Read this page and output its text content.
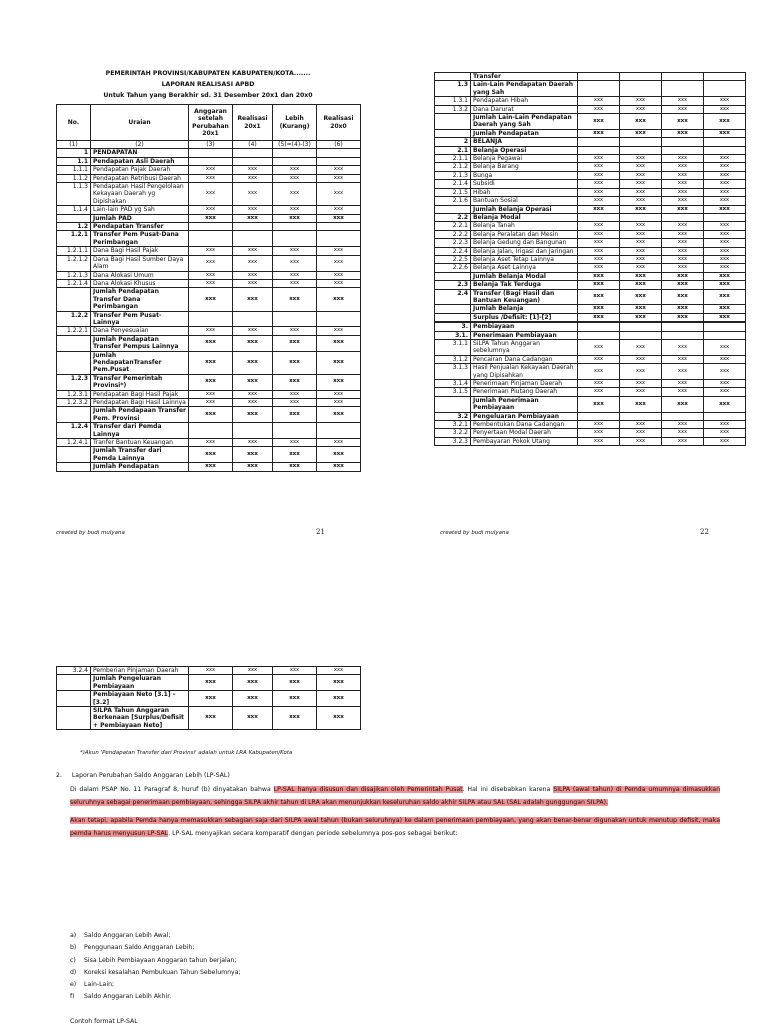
PEMERINTAH PROVINSI/KABUPATEN KABUPATEN/KOTA.......
LAPORAN REALISASI APBD
Untuk Tahun yang Berakhir sd. 31 Desember 20x1 dan 20x0
No.	Uraian	Anggaran setelah Perubahan 20x1	Realisasi 20x1	Lebih (Kurang)	Realisasi 20x0
(1)	(2)	(3)	(4)	(5)=(4)-(3)	(6)
1	PENDAPATAN				
1.1	Pendapatan Asli Daerah				
1.1.1	Pendapatan Pajak Daerah	xxx	xxx	xxx	xxx
1.1.2	Pendapatan Retribusi Daerah	xxx	xxx	xxx	xxx
1.1.3	Pendapatan Hasil Pengelolaan Kekayaan Daerah yg Dipishakan	xxx	xxx	xxx	xxx
1.1.4	Lain-lain PAD yg Sah	xxx	xxx	xxx	xxx
	Jumlah PAD	xxx	xxx	xxx	xxx
1.2	Pendapatan Transfer				
1.2.1	Transfer Pem Pusat-Dana Perimbangan				
1.2.1.1	Dana Bagi Hasil Pajak	xxx	xxx	xxx	xxx
1.2.1.2	Dana Bagi Hasil Sumber Daya Alam	xxx	xxx	xxx	xxx
1.2.1.3	Dana Alokasi Umum	xxx	xxx	xxx	xxx
1.2.1.4	Dana Alokasi Khusus	xxx	xxx	xxx	xxx
	Jumlah Pendapatan Transfer Dana Perimbangan	xxx	xxx	xxx	xxx
1.2.2	Transfer Pem Pusat-Lainnya				
1.2.2.1	Dana Penyesuaian	xxx	xxx	xxx	xxx
	Jumlah Pendapatan Transfer Pempus Lainnya	xxx	xxx	xxx	xxx
	Jumlah PendapatanTransfer Pem.Pusat	xxx	xxx	xxx	xxx
1.2.3	Transfer Pemerintah Provinsi*)	xxx	xxx	xxx	xxx
1.2.3.1	Pendapatan Bagi Hasil Pajak	xxx	xxx	xxx	xxx
1.2.3.2	Pendapatan Bagi Hasil Lainnya	xxx	xxx	xxx	xxx
	Jumlah Pendapaan Transfer Pem. Provinsi	xxx	xxx	xxx	xxx
1.2.4	Transfer dari Pemda Lainnya				
1.2.4.1	Tranfer Bantuan Keuangan	xxx	xxx	xxx	xxx
	Jumlah Transfer dari Pemda Lainnya	xxx	xxx	xxx	xxx
	Jumlah Pendapatan	xxx	xxx	xxx	xxx
created by budi mulyana	21
	Transfer				
1.3	Lain-Lain Pendapatan Daerah yang Sah				
1.3.1	Pendapatan Hibah	xxx	xxx	xxx	xxx
1.3.2	Dana Darurat	xxx	xxx	xxx	xxx
	Jumlah Lain-Lain Pendapatan Daerah yang Sah	xxx	xxx	xxx	xxx
	Jumlah Pendapatan	xxx	xxx	xxx	xxx
2	BELANJA				
2.1	Belanja Operasi				
2.1.1	Belanja Pegawai	xxx	xxx	xxx	xxx
2.1.2	Belanja Barang	xxx	xxx	xxx	xxx
2.1.3	Bunga	xxx	xxx	xxx	xxx
2.1.4	Subsidi	xxx	xxx	xxx	xxx
2.1.5	Hibah	xxx	xxx	xxx	xxx
2.1.6	Bantuan Sosial	xxx	xxx	xxx	xxx
	Jumlah Belanja Operasi	xxx	xxx	xxx	xxx
2.2	Belanja Modal				
2.2.1	Belanja Tanah	xxx	xxx	xxx	xxx
2.2.2	Belanja Peralatan dan Mesin	xxx	xxx	xxx	xxx
2.2.3	Belanja Gedung dan Bangunan	xxx	xxx	xxx	xxx
2.2.4	Belanja Jalan, Irigasi dan Jaringan	xxx	xxx	xxx	xxx
2.2.5	Belanja Aset Tetap Lainnya	xxx	xxx	xxx	xxx
2.2.6	Belanja Aset Lainnya	xxx	xxx	xxx	xxx
	Jumlah Belanja Modal	xxx	xxx	xxx	xxx
2.3	Belanja Tak Terduga	xxx	xxx	xxx	xxx
2.4	Transfer (Bagi Hasil dan Bantuan Keuangan)	xxx	xxx	xxx	xxx
	Jumlah Belanja	xxx	xxx	xxx	xxx
	Surplus /Defisit: [1]-[2]	xxx	xxx	xxx	xxx

3.	Pembiayaan				
3.1.	Penerimaan Pembiayaan				
3.1.1	SiLPA Tahun Anggaran sebelumnya	xxx	xxx	xxx	xxx
3.1.2	Pencairan Dana Cadangan	xxx	xxx	xxx	xxx
3.1.3	Hasil Penjualan Kekayaan Daerah yang Dipisahkan	xxx	xxx	xxx	xxx
3.1.4	Penerimaan Pinjaman Daerah	xxx	xxx	xxx	xxx
3.1.5	Penerimaan Piutang Daerah	xxx	xxx	xxx	xxx
	Jumlah Penerimaan Pembiayaan	xxx	xxx	xxx	xxx
3.2	Pengeluaran Pembiayaan				
3.2.1	Pembentukan Dana Cadangan	xxx	xxx	xxx	xxx
3.2.2	Penyertaan Modal Daerah	xxx	xxx	xxx	xxx
3.2.3	Pembayaran Pokok Utang	xxx	xxx	xxx	xxx
created by budi mulyana	22
3.2.4	Pemberian Pinjaman Daerah	xxx	xxx	xxx	xxx
	Jumlah Pengeluaran Pembiayaan	xxx	xxx	xxx	xxx
	Pembiayaan Neto [3.1] –[3.2]	xxx	xxx	xxx	xxx
	SILPA Tahun Anggaran Berkenaan [Surplus/Defisit + Pembiayaan Neto]	xxx	xxx	xxx	xxx
*)Akun 'Pendapatan Transfer dari Provinsi' adalah untuk LRA Kabupaten/Kota
2. Laporan Perubahan Saldo Anggaran Lebih (LP-SAL)

Di dalam PSAP No. 11 Paragraf 8, huruf (b) dinyatakan bahwa LP-SAL hanya disusun dan disajikan oleh Pemerintah Pusat. Hal ini disebabkan karena SILPA (awal tahun) di Pemda umumnya dimasukkan seluruhnya sebagai penerimaan pembiayaan, sehingga SILPA akhir tahun di LRA akan menunjukkan keseluruhan saldo akhir SiLPA atau SAL (SAL adalah gunggungan SILPA).

Akan tetapi, apabila Pemda hanya memasukkan sebagian saja dari SILPA awal tahun (bukan seluruhnya) ke dalam penerimaan pembiayaan, yang akan benar-benar digunakan untuk menutup defisit, maka pemda harus menyusun LP-SAL. LP-SAL menyajikan secara komparatif dengan periode sebelumnya pos-pos sebagai berikut:

a)	Saldo Anggaran Lebih Awal;
b)	Penggunaan Saldo Anggaran Lebih;
c)	Sisa Lebih Pembiayaan Anggaran tahun berjalan;
d)	Koreksi kesalahan Pembukuan Tahun Sebelumnya;
e)	Lain-Lain;
f)	Saldo Anggaran Lebih Akhir.
Contoh format LP-SAL
